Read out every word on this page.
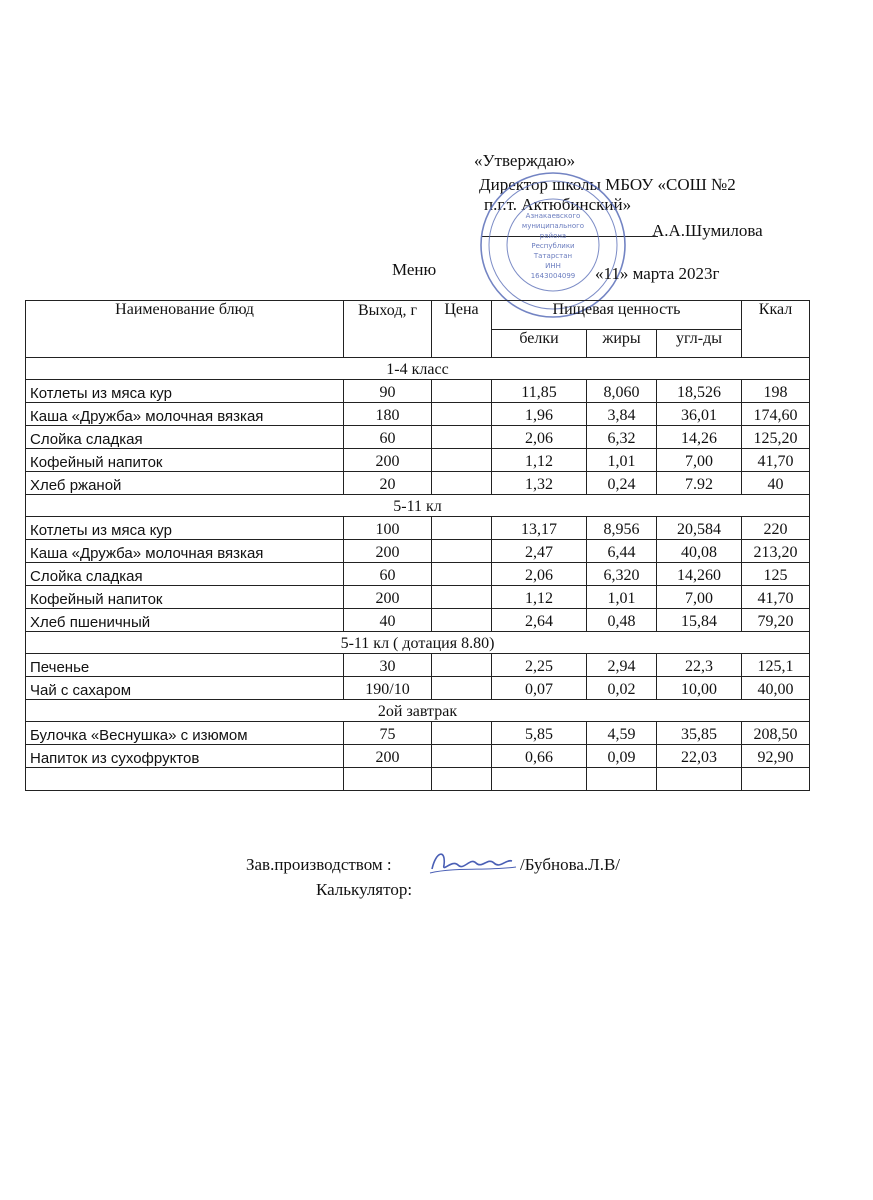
«Утверждаю»
Директор школы МБОУ «СОШ №2
п.г.т. Актюбинский»
А.А.Шумилова
Азнакаевского
муниципального
района
Республики
Татарстан
ИНН
1643004099
Меню	«11» марта 2023г
Наименование блюд	Выход, г	Цена	Пищевая ценность			Ккал
			белки	жиры	угл-ды	
1-4 класс						
Котлеты из мяса кур	90		11,85	8,060	18,526	198
Каша «Дружба» молочная вязкая	180		1,96	3,84	36,01	174,60
Слойка сладкая	60		2,06	6,32	14,26	125,20
Кофейный напиток	200		1,12	1,01	7,00	41,70
Хлеб ржаной	20		1,32	0,24	7.92	40
5-11 кл						
Котлеты из мяса кур	100		13,17	8,956	20,584	220
Каша «Дружба» молочная вязкая	200		2,47	6,44	40,08	213,20
Слойка сладкая	60		2,06	6,320	14,260	125
Кофейный напиток	200		1,12	1,01	7,00	41,70
Хлеб пшеничный	40		2,64	0,48	15,84	79,20
5-11 кл ( дотация 8.80)						
Печенье	30		2,25	2,94	22,3	125,1
Чай с сахаром	190/10		0,07	0,02	10,00	40,00
2ой завтрак						
Булочка «Веснушка» с изюмом	75		5,85	4,59	35,85	208,50
Напиток из сухофруктов	200		0,66	0,09	22,03	92,90

Зав.производством :	/Бубнова.Л.В/
Калькулятор:
